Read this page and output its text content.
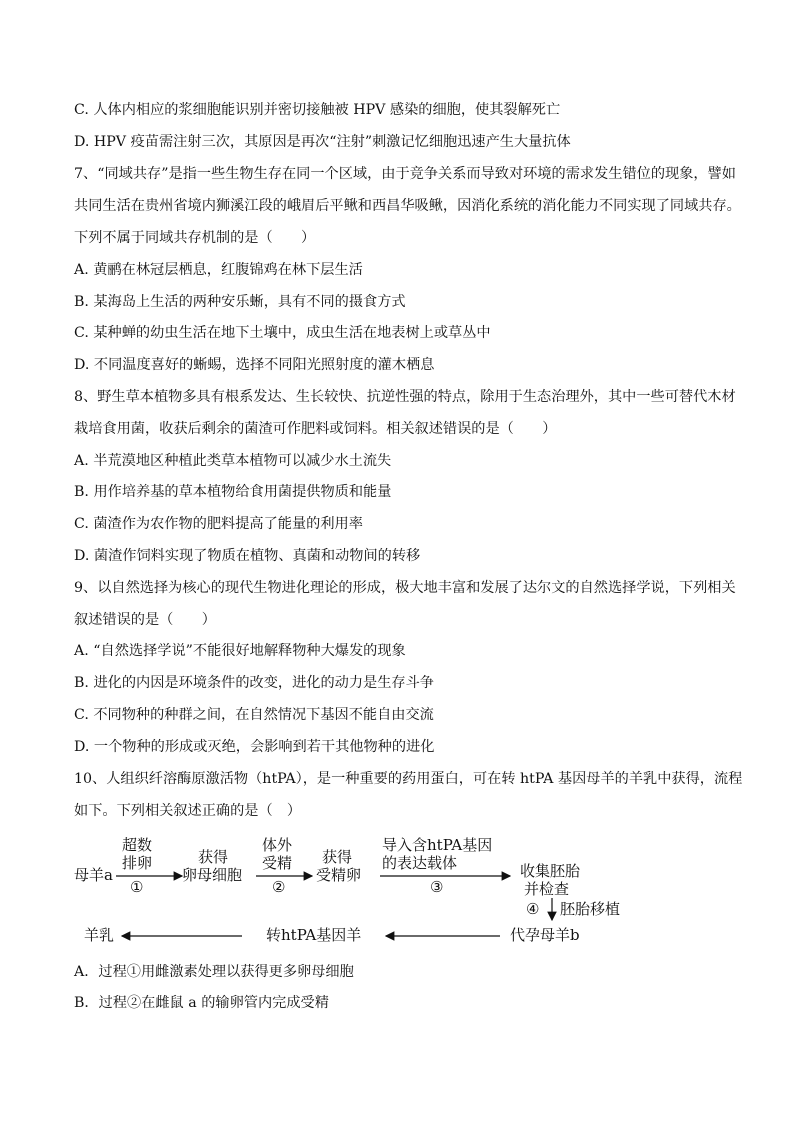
C. 人体内相应的浆细胞能识别并密切接触被 HPV 感染的细胞，使其裂解死亡
D. HPV 疫苗需注射三次，其原因是再次“注射”刺激记忆细胞迅速产生大量抗体
7、“同域共存”是指一些生物生存在同一个区域，由于竞争关系而导致对环境的需求发生错位的现象，譬如
共同生活在贵州省境内狮溪江段的峨眉后平鳅和西昌华吸鳅，因消化系统的消化能力不同实现了同域共存。
下列不属于同域共存机制的是（　　）
A. 黄鹂在林冠层栖息，红腹锦鸡在林下层生活
B. 某海岛上生活的两种安乐蜥，具有不同的摄食方式
C. 某种蝉的幼虫生活在地下土壤中，成虫生活在地表树上或草丛中
D. 不同温度喜好的蜥蜴，选择不同阳光照射度的灌木栖息
8、野生草本植物多具有根系发达、生长较快、抗逆性强的特点，除用于生态治理外，其中一些可替代木材
栽培食用菌，收获后剩余的菌渣可作肥料或饲料。相关叙述错误的是（　　）
A. 半荒漠地区种植此类草本植物可以减少水土流失
B. 用作培养基的草本植物给食用菌提供物质和能量
C. 菌渣作为农作物的肥料提高了能量的利用率
D. 菌渣作饲料实现了物质在植物、真菌和动物间的转移
9、以自然选择为核心的现代生物进化理论的形成，极大地丰富和发展了达尔文的自然选择学说，下列相关
叙述错误的是（　　）
A. “自然选择学说”不能很好地解释物种大爆发的现象
B. 进化的内因是环境条件的改变，进化的动力是生存斗争
C. 不同物种的种群之间，在自然情况下基因不能自由交流
D. 一个物种的形成或灭绝，会影响到若干其他物种的进化
10、人组织纤溶酶原激活物（htPA），是一种重要的药用蛋白，可在转 htPA 基因母羊的羊乳中获得，流程
如下。下列相关叙述正确的是（　）
母羊a
超数
排卵
①
获得
卵母细胞
体外
受精
②
获得
受精卵
导入含htPA基因
的表达载体
③
收集胚胎
并检查
④ 胚胎移植
代孕母羊b
转htPA基因羊
羊乳
A．过程①用雌激素处理以获得更多卵母细胞
B．过程②在雌鼠 a 的输卵管内完成受精
